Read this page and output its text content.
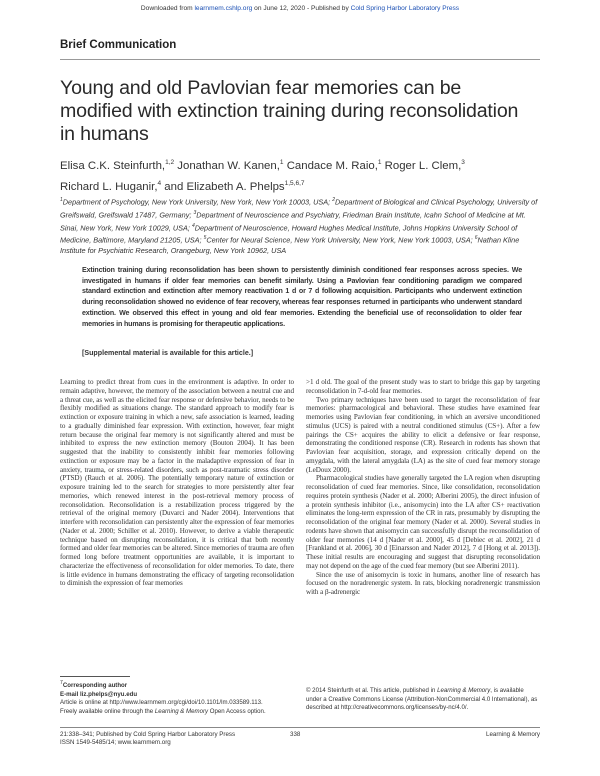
Downloaded from learnmem.cshlp.org on June 12, 2020 - Published by Cold Spring Harbor Laboratory Press
Brief Communication
Young and old Pavlovian fear memories can be modified with extinction training during reconsolidation in humans
Elisa C.K. Steinfurth,$^{1,2}$ Jonathan W. Kanen,$^1$ Candace M. Raio,$^1$ Roger L. Clem,$^3$
Richard L. Huganir,$^4$ and Elizabeth A. Phelps$^{1,5,6,7}$
$^1$Department of Psychology, New York University, New York, New York 10003, USA; $^2$Department of Biological and Clinical Psychology, University of Greifswald, Greifswald 17487, Germany; $^3$Department of Neuroscience and Psychiatry, Friedman Brain Institute, Icahn School of Medicine at Mt. Sinai, New York, New York 10029, USA; $^4$Department of Neuroscience, Howard Hughes Medical Institute, Johns Hopkins University School of Medicine, Baltimore, Maryland 21205, USA; $^5$Center for Neural Science, New York University, New York, New York 10003, USA; $^6$Nathan Kline Institute for Psychiatric Research, Orangeburg, New York 10962, USA
Extinction training during reconsolidation has been shown to persistently diminish conditioned fear responses across species. We investigated in humans if older fear memories can benefit similarly. Using a Pavlovian fear conditioning paradigm we compared standard extinction and extinction after memory reactivation 1 d or 7 d following acquisition. Participants who underwent extinction during reconsolidation showed no evidence of fear recovery, whereas fear responses returned in participants who underwent standard extinction. We observed this effect in young and old fear memories. Extending the beneficial use of reconsolidation to older fear memories in humans is promising for therapeutic applications.
[Supplemental material is available for this article.]

Learning to predict threat from cues in the environment is adaptive. In order to remain adaptive, however, the memory of the association between a neutral cue and a threat cue, as well as the elicited fear response or defensive behavior, needs to be flexibly modified as situations change. The standard approach to modify fear is extinction or exposure training in which a new, safe association is learned, leading to a gradually diminished fear expression. With extinction, however, fear might return because the original fear memory is not significantly altered and must be inhibited to express the new extinction memory (Bouton 2004). It has been suggested that the inability to consistently inhibit fear memories following extinction or exposure may be a factor in the maladaptive expression of fear in anxiety, trauma, or stress-related disorders, such as post-traumatic stress disorder (PTSD) (Rauch et al. 2006). The potentially temporary nature of extinction or exposure training led to the search for strategies to more persistently alter fear memories, which renewed interest in the post-retrieval memory process of reconsolidation. Reconsolidation is a restabilization process triggered by the retrieval of the original memory (Duvarci and Nader 2004). Interventions that interfere with reconsolidation can persistently alter the expression of fear memories (Nader et al. 2000; Schiller et al. 2010). However, to derive a viable therapeutic technique based on disrupting reconsolidation, it is critical that both recently formed and older fear memories can be altered. Since memories of trauma are often formed long before treatment opportunities are available, it is important to characterize the effectiveness of reconsolidation for older memories. To date, there is little evidence in humans demonstrating the efficacy of targeting reconsolidation to diminish the expression of fear memories

>1 d old. The goal of the present study was to start to bridge this gap by targeting reconsolidation in 7-d-old fear memories.

Two primary techniques have been used to target the reconsolidation of fear memories: pharmacological and behavioral. These studies have examined fear memories using Pavlovian fear conditioning, in which an aversive unconditioned stimulus (UCS) is paired with a neutral conditioned stimulus (CS+). After a few pairings the CS+ acquires the ability to elicit a defensive or fear response, demonstrating the conditioned response (CR). Research in rodents has shown that Pavlovian fear acquisition, storage, and expression critically depend on the amygdala, with the lateral amygdala (LA) as the site of cued fear memory storage (LeDoux 2000).

Pharmacological studies have generally targeted the LA region when disrupting reconsolidation of cued fear memories. Since, like consolidation, reconsolidation requires protein synthesis (Nader et al. 2000; Alberini 2005), the direct infusion of a protein synthesis inhibitor (i.e., anisomycin) into the LA after CS+ reactivation eliminates the long-term expression of the CR in rats, presumably by disrupting the reconsolidation of the original fear memory (Nader et al. 2000). Several studies in rodents have shown that anisomycin can successfully disrupt the reconsolidation of older fear memories (14 d [Nader et al. 2000], 45 d [Debiec et al. 2002], 21 d [Frankland et al. 2006], 30 d [Einarsson and Nader 2012], 7 d [Hong et al. 2013]). These initial results are encouraging and suggest that disrupting reconsolidation may not depend on the age of the cued fear memory (but see Alberini 2011).

Since the use of anisomycin is toxic in humans, another line of research has focused on the noradrenergic system. In rats, blocking noradrenergic transmission with a β-adrenergic

$^7$Corresponding author
E-mail liz.phelps@nyu.edu
Article is online at http://www.learnmem.org/cgi/doi/10.1101/lm.033589.113.
Freely available online through the Learning & Memory Open Access option.
© 2014 Steinfurth et al. This article, published in Learning & Memory, is available under a Creative Commons License (Attribution-NonCommercial 4.0 International), as described at http://creativecommons.org/licenses/by-nc/4.0/.
21:338–341; Published by Cold Spring Harbor Laboratory Press
ISSN 1549-5485/14; www.learnmem.org
338	Learning & Memory
